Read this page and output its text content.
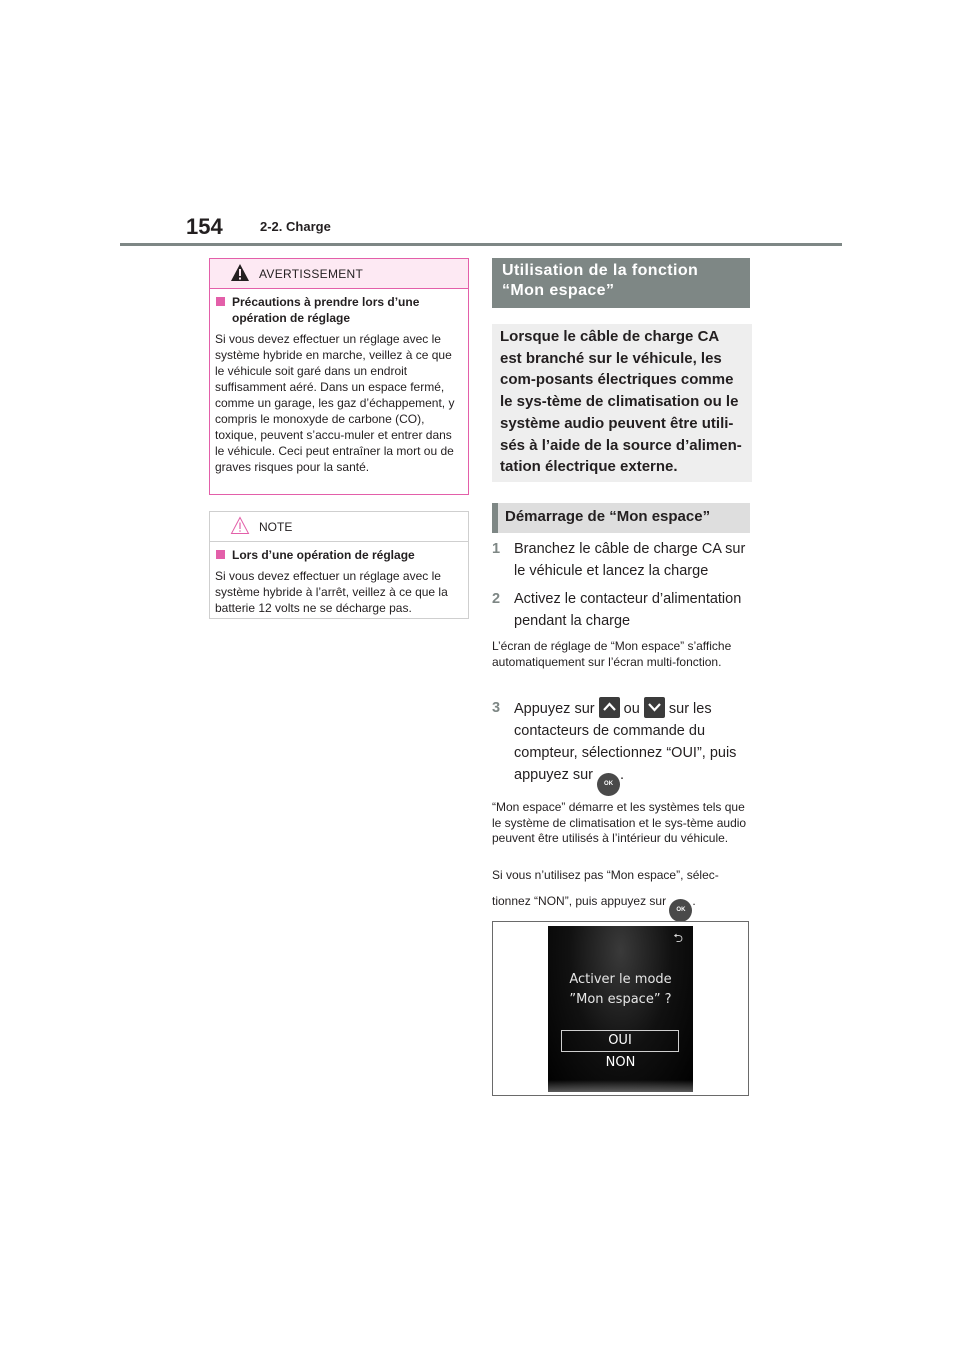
154	2-2. Charge
AVERTISSEMENT
Précautions à prendre lors d’une opération de réglage
Si vous devez effectuer un réglage avec le système hybride en marche, veillez à ce que le véhicule soit garé dans un endroit suffisamment aéré. Dans un espace fermé, comme un garage, les gaz d’échappement, y compris le monoxyde de carbone (CO), toxique, peuvent s’accu-muler et entrer dans le véhicule. Ceci peut entraîner la mort ou de graves risques pour la santé.
NOTE
Lors d’une opération de réglage
Si vous devez effectuer un réglage avec le système hybride à l’arrêt, veillez à ce que la batterie 12 volts ne se décharge pas.
Utilisation de la fonction
“Mon espace”
Lorsque le câble de charge CA est branché sur le véhicule, les com-posants électriques comme le sys-tème de climatisation ou le système audio peuvent être utili-sés à l’aide de la source d’alimen-tation électrique externe.
Démarrage de “Mon espace”
1 Branchez le câble de charge CA sur le véhicule et lancez la charge
2 Activez le contacteur d’alimentation pendant la charge
L’écran de réglage de “Mon espace” s’affiche automatiquement sur l’écran multi-fonction.
3 Appuyez sur ou sur les contacteurs de commande du compteur, sélectionnez “OUI”, puis appuyez sur OK.
“Mon espace” démarre et les systèmes tels que le système de climatisation et le sys-tème audio peuvent être utilisés à l’intérieur du véhicule.
Si vous n’utilisez pas “Mon espace”, sélec-
tionnez “NON”, puis appuyez sur OK.
⮌
Activer le mode
”Mon espace” ?
OUI
NON
